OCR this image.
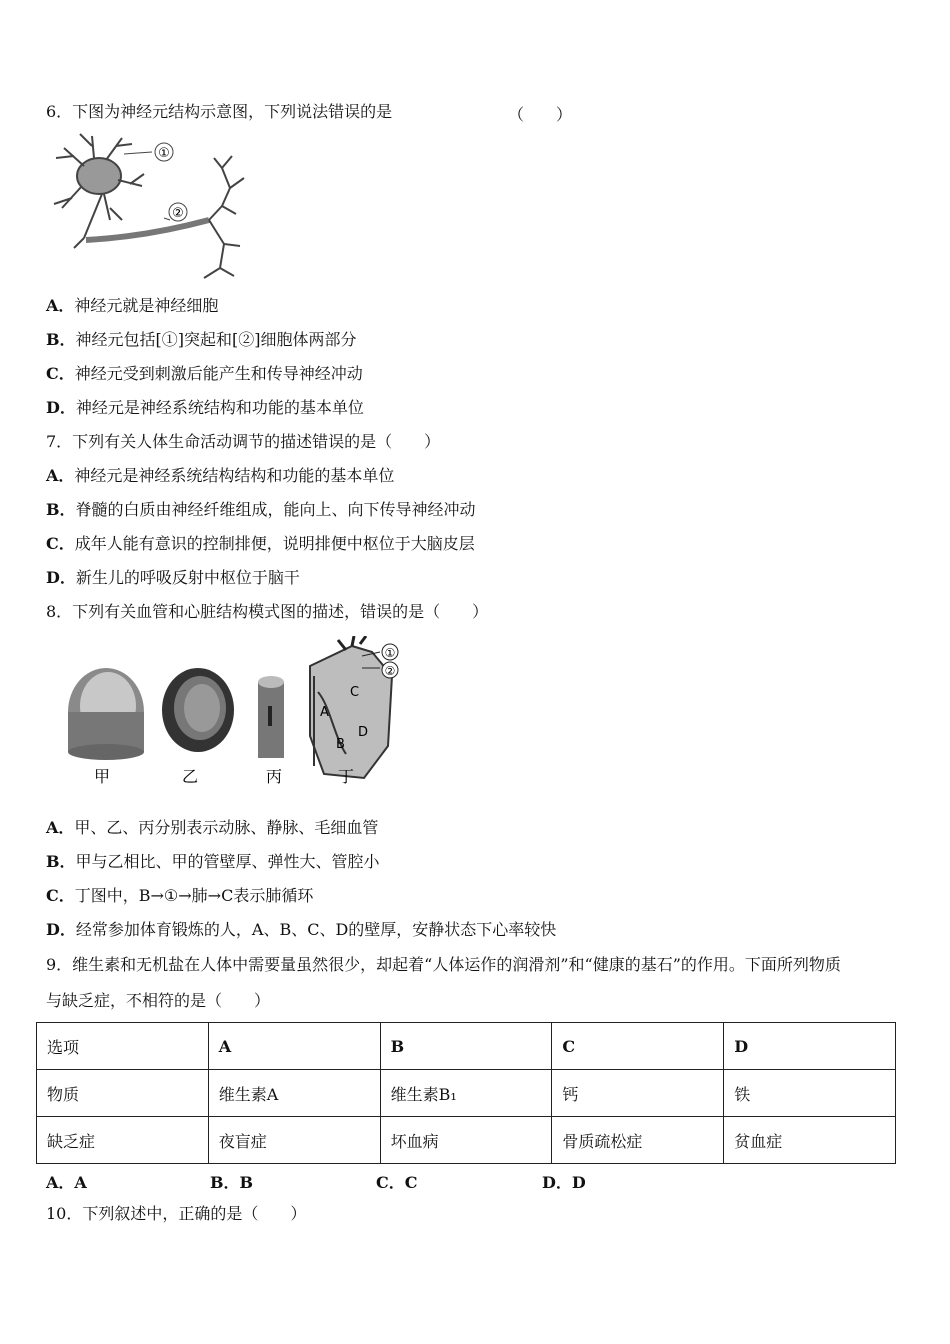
6．下图为神经元结构示意图，下列说法错误的是	（　　）
①
②
A．神经元就是神经细胞
B．神经元包括[①]突起和[②]细胞体两部分
C．神经元受到刺激后能产生和传导神经冲动
D．神经元是神经系统结构和功能的基本单位
7．下列有关人体生命活动调节的描述错误的是（　　）
A．神经元是神经系统结构结构和功能的基本单位
B．脊髓的白质由神经纤维组成，能向上、向下传导神经冲动
C．成年人能有意识的控制排便，说明排便中枢位于大脑皮层
D．新生儿的呼吸反射中枢位于脑干
8．下列有关血管和心脏结构模式图的描述，错误的是（　　）
①
②
A
B
C
D
甲	乙	丙	丁
A．甲、乙、丙分别表示动脉、静脉、毛细血管
B．甲与乙相比、甲的管壁厚、弹性大、管腔小
C．丁图中，B→①→肺→C表示肺循环
D．经常参加体育锻炼的人，A、B、C、D的壁厚，安静状态下心率较快
9．维生素和无机盐在人体中需要量虽然很少，却起着“人体运作的润滑剂”和“健康的基石”的作用。下面所列物质
与缺乏症，不相符的是（　　）
选项	A	B	C	D
物质	维生素A	维生素B₁	钙	铁
缺乏症	夜盲症	坏血病	骨质疏松症	贫血症
A．A	B．B	C．C	D．D
10．下列叙述中，正确的是（　　）
